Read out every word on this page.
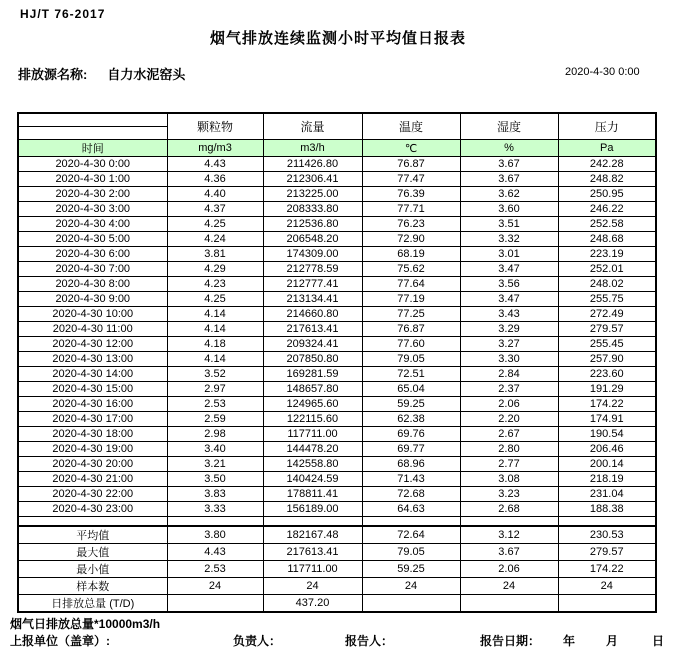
HJ/T 76-2017
烟气排放连续监测小时平均值日报表
排放源名称: 自力水泥窑头	2020-4-30 0:00
	颗粒物	流量	温度	湿度	压力
时间	mg/m3	m3/h	℃	%	Pa
2020-4-30 0:00	4.43	211426.80	76.87	3.67	242.28
2020-4-30 1:00	4.36	212306.41	77.47	3.67	248.82
2020-4-30 2:00	4.40	213225.00	76.39	3.62	250.95
2020-4-30 3:00	4.37	208333.80	77.71	3.60	246.22
2020-4-30 4:00	4.25	212536.80	76.23	3.51	252.58
2020-4-30 5:00	4.24	206548.20	72.90	3.32	248.68
2020-4-30 6:00	3.81	174309.00	68.19	3.01	223.19
2020-4-30 7:00	4.29	212778.59	75.62	3.47	252.01
2020-4-30 8:00	4.23	212777.41	77.64	3.56	248.02
2020-4-30 9:00	4.25	213134.41	77.19	3.47	255.75
2020-4-30 10:00	4.14	214660.80	77.25	3.43	272.49
2020-4-30 11:00	4.14	217613.41	76.87	3.29	279.57
2020-4-30 12:00	4.18	209324.41	77.60	3.27	255.45
2020-4-30 13:00	4.14	207850.80	79.05	3.30	257.90
2020-4-30 14:00	3.52	169281.59	72.51	2.84	223.60
2020-4-30 15:00	2.97	148657.80	65.04	2.37	191.29
2020-4-30 16:00	2.53	124965.60	59.25	2.06	174.22
2020-4-30 17:00	2.59	122115.60	62.38	2.20	174.91
2020-4-30 18:00	2.98	117711.00	69.76	2.67	190.54
2020-4-30 19:00	3.40	144478.20	69.77	2.80	206.46
2020-4-30 20:00	3.21	142558.80	68.96	2.77	200.14
2020-4-30 21:00	3.50	140424.59	71.43	3.08	218.19
2020-4-30 22:00	3.83	178811.41	72.68	3.23	231.04
2020-4-30 23:00	3.33	156189.00	64.63	2.68	188.38

平均值	3.80	182167.48	72.64	3.12	230.53
最大值	4.43	217613.41	79.05	3.67	279.57
最小值	2.53	117711.00	59.25	2.06	174.22
样本数	24	24	24	24	24
日排放总量 (T/D)		437.20			
烟气日排放总量*10000m3/h
上报单位（盖章）:	负责人：	报告人：	报告日期： 年	月	日
